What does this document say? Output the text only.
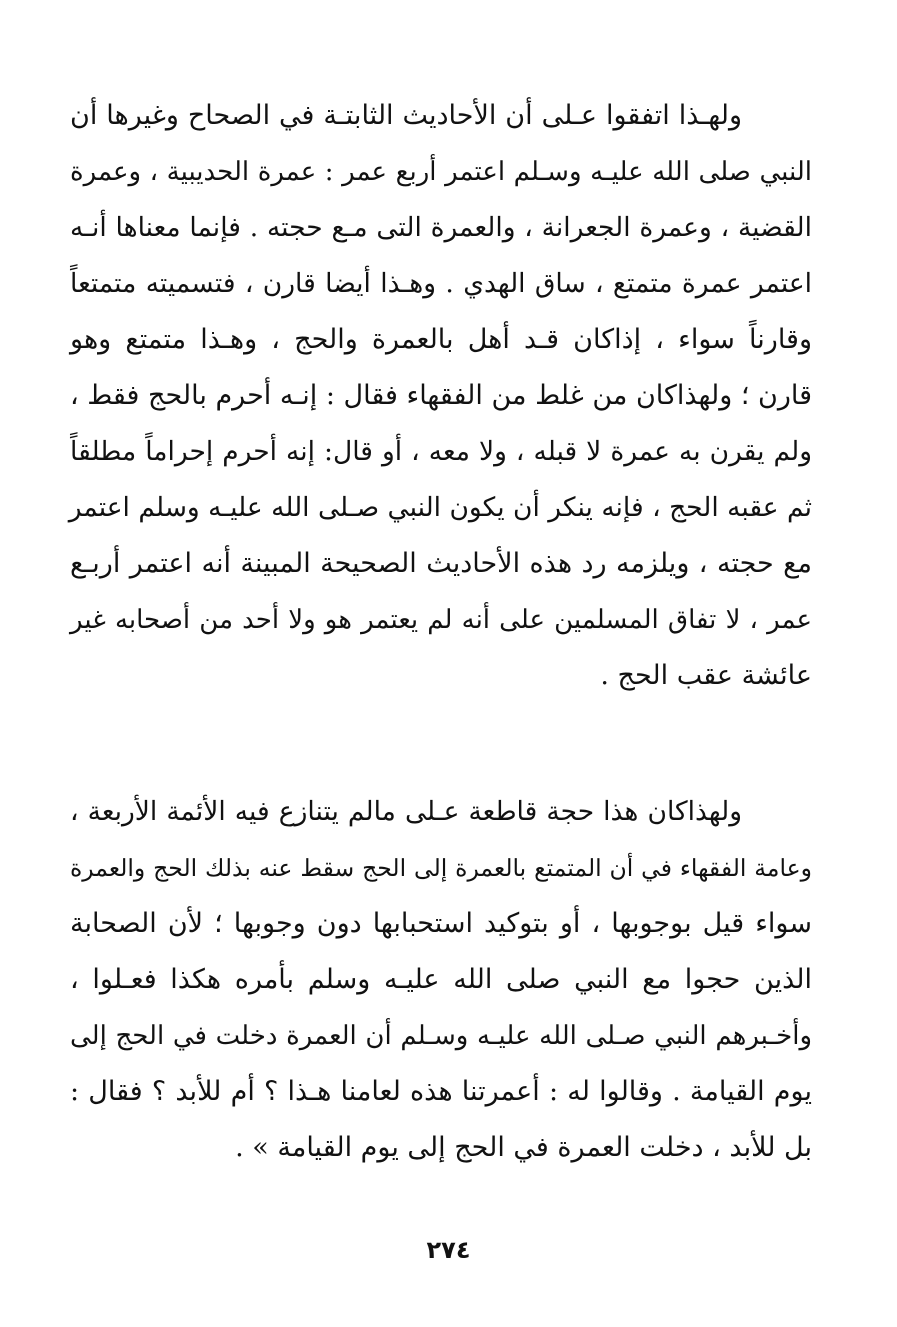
ولهـذا اتفقوا عـلى أن الأحاديث الثابتـة في الصحاح وغيرها أن
النبي صلى الله عليـه وسـلم اعتمر أربع عمر : عمرة الحديبية ، وعمرة
القضية ، وعمرة الجعرانة ، والعمرة التى مـع حجته . فإنما معناها أنـه
اعتمر عمرة متمتع ، ساق الهدي . وهـذا أيضا قارن ، فتسميته متمتعاً
وقارناً سواء ، إذاكان قـد أهل بالعمرة والحج ، وهـذا متمتع وهو
قارن ؛ ولهذاكان من غلط من الفقهاء فقال : إنـه أحرم بالحج فقط ،
ولم يقرن به عمرة لا قبله ، ولا معه ، أو قال: إنه أحرم إحراماً مطلقاً
ثم عقبه الحج ، فإنه ينكر أن يكون النبي صـلى الله عليـه وسلم اعتمر
مع حجته ، ويلزمه رد هذه الأحاديث الصحيحة المبينة أنه اعتمر أربـع
عمر ، لا تفاق المسلمين على أنه لم يعتمر هو ولا أحد من أصحابه غير
عائشة عقب الحج .
ولهذاكان هذا حجة قاطعة عـلى مالم يتنازع فيه الأئمة الأربعة ،
وعامة الفقهاء في أن المتمتع بالعمرة إلى الحج سقط عنه بذلك الحج والعمرة
سواء قيل بوجوبها ، أو بتوكيد استحبابها دون وجوبها ؛ لأن الصحابة
الذين حجوا مع النبي صلى الله عليـه وسلم بأمره هكذا فعـلوا ،
وأخـبرهم النبي صـلى الله عليـه وسـلم أن العمرة دخلت في الحج إلى
يوم القيامة . وقالوا له : أعمرتنا هذه لعامنا هـذا ؟ أم للأبد ؟ فقال :
بل للأبد ، دخلت العمرة في الحج إلى يوم القيامة » .
٢٧٤
